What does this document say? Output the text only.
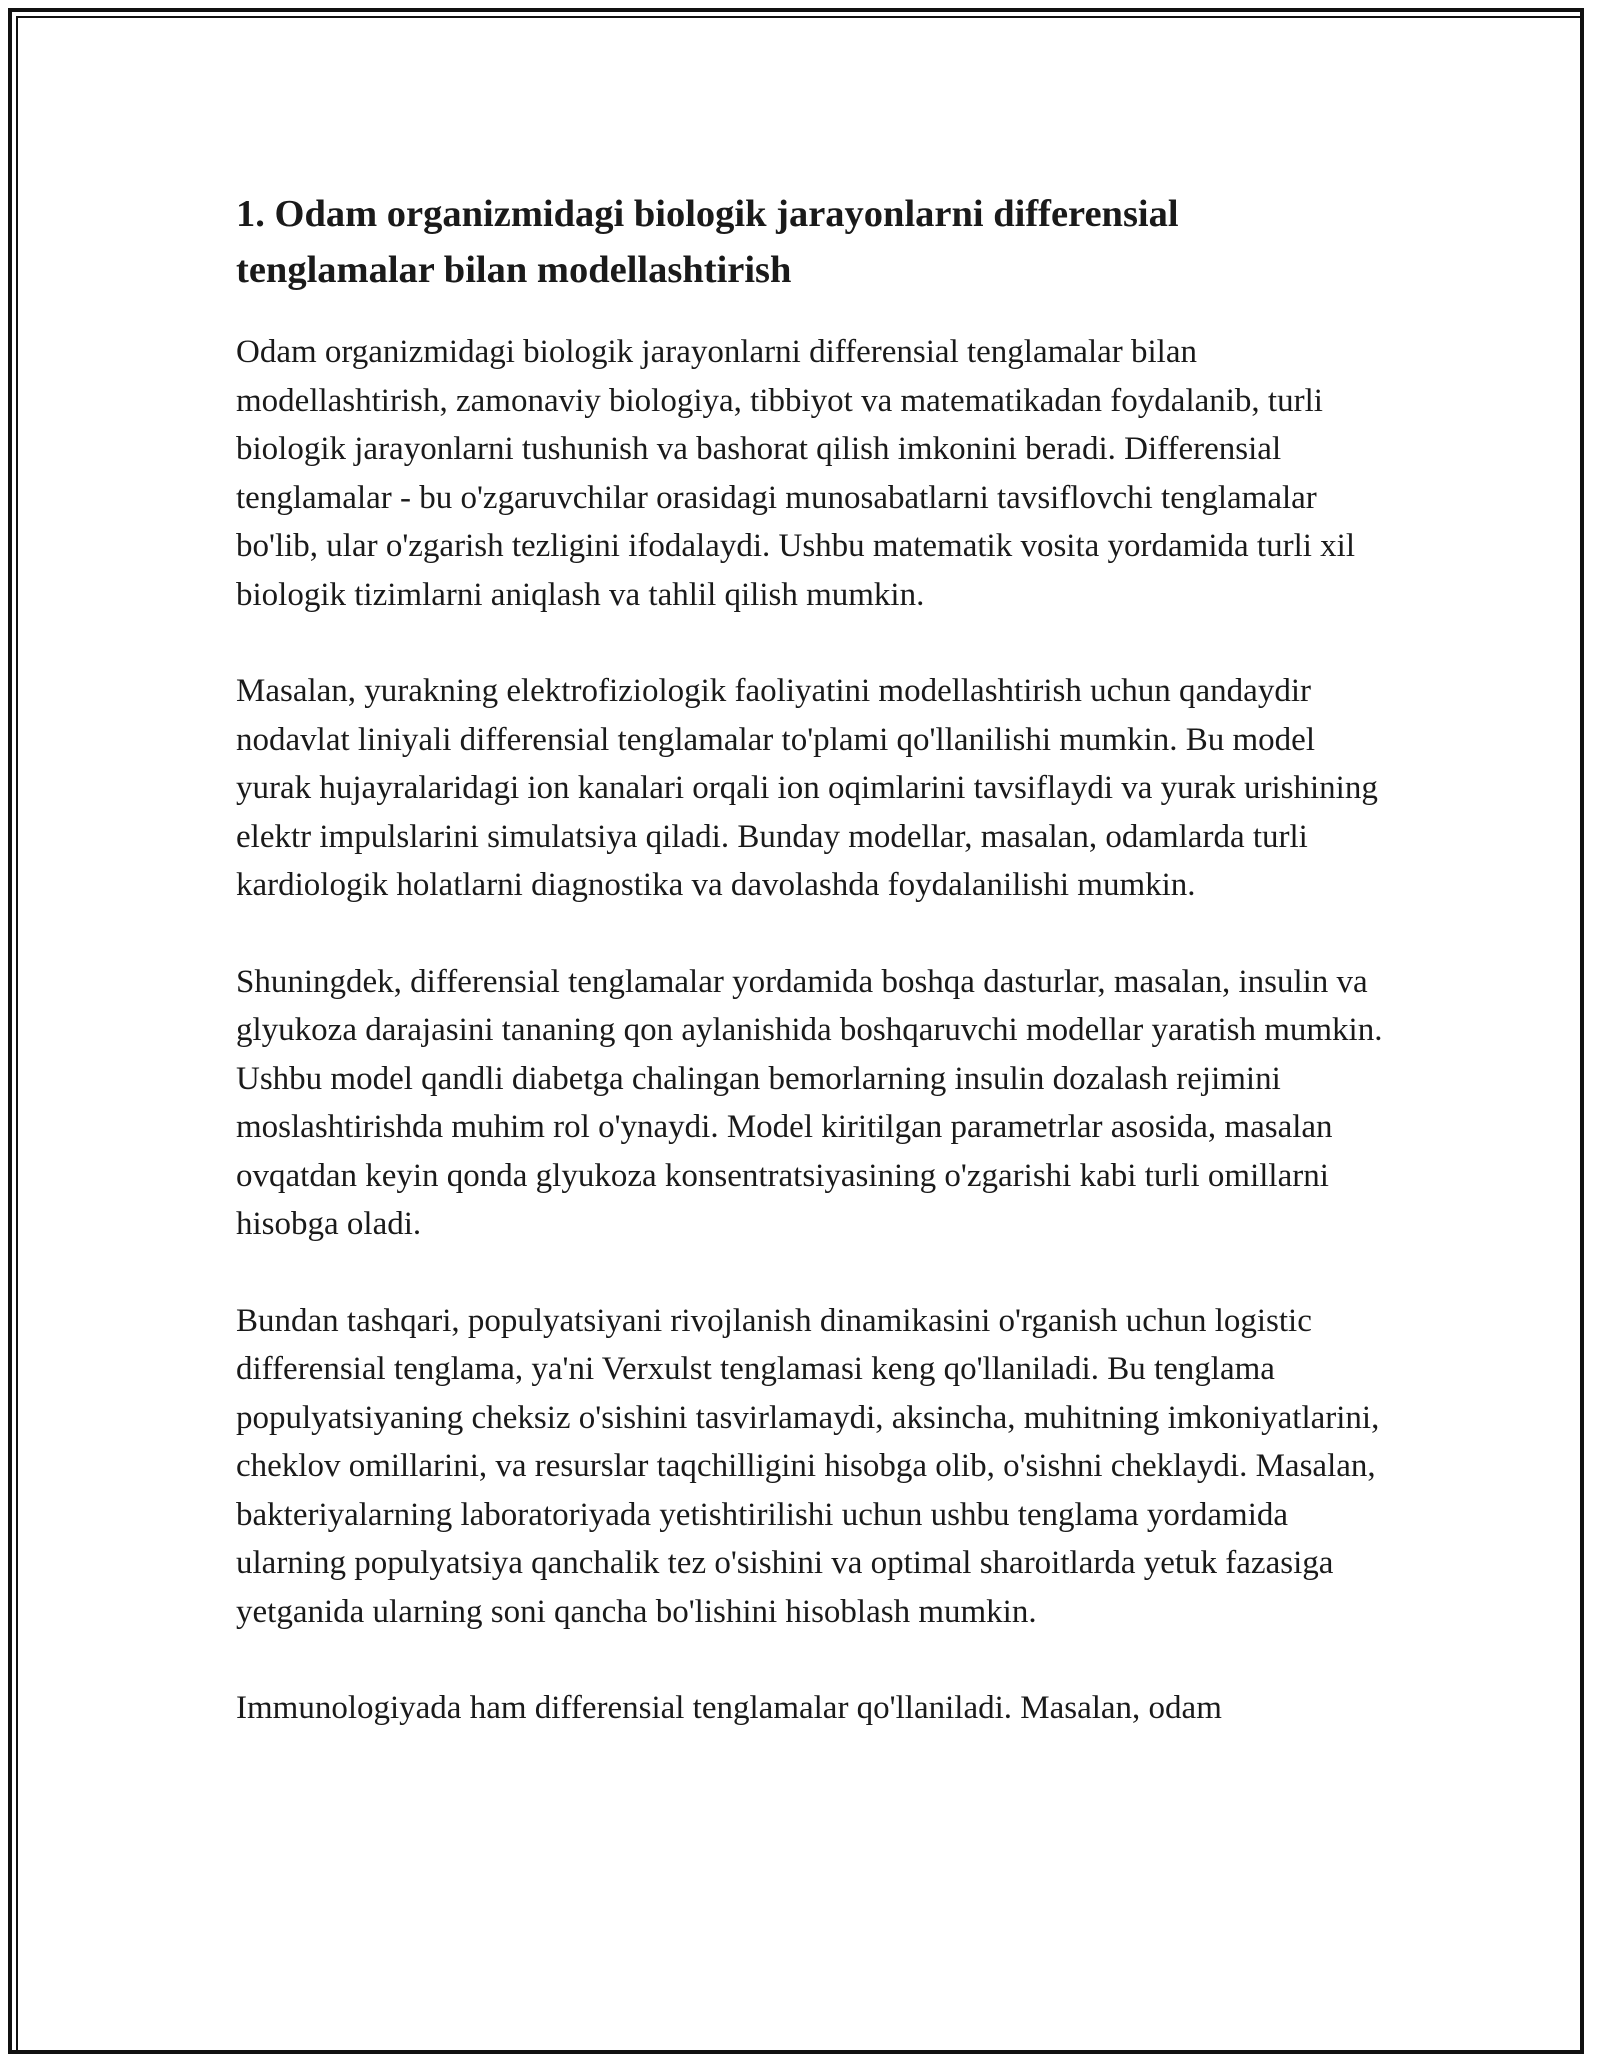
1. Odam organizmidagi biologik jarayonlarni differensial tenglamalar bilan modellashtirish

Odam organizmidagi biologik jarayonlarni differensial tenglamalar bilan modellashtirish, zamonaviy biologiya, tibbiyot va matematikadan foydalanib, turli biologik jarayonlarni tushunish va bashorat qilish imkonini beradi. Differensial tenglamalar - bu o'zgaruvchilar orasidagi munosabatlarni tavsiflovchi tenglamalar bo'lib, ular o'zgarish tezligini ifodalaydi. Ushbu matematik vosita yordamida turli xil biologik tizimlarni aniqlash va tahlil qilish mumkin.

Masalan, yurakning elektrofiziologik faoliyatini modellashtirish uchun qandaydir nodavlat liniyali differensial tenglamalar to'plami qo'llanilishi mumkin. Bu model yurak hujayralaridagi ion kanalari orqali ion oqimlarini tavsiflaydi va yurak urishining elektr impulslarini simulatsiya qiladi. Bunday modellar, masalan, odamlarda turli kardiologik holatlarni diagnostika va davolashda foydalanilishi mumkin.

Shuningdek, differensial tenglamalar yordamida boshqa dasturlar, masalan, insulin va glyukoza darajasini tananing qon aylanishida boshqaruvchi modellar yaratish mumkin. Ushbu model qandli diabetga chalingan bemorlarning insulin dozalash rejimini moslashtirishda muhim rol o'ynaydi. Model kiritilgan parametrlar asosida, masalan ovqatdan keyin qonda glyukoza konsentratsiyasining o'zgarishi kabi turli omillarni hisobga oladi.

Bundan tashqari, populyatsiyani rivojlanish dinamikasini o'rganish uchun logistic differensial tenglama, ya'ni Verxulst tenglamasi keng qo'llaniladi. Bu tenglama populyatsiyaning cheksiz o'sishini tasvirlamaydi, aksincha, muhitning imkoniyatlarini, cheklov omillarini, va resurslar taqchilligini hisobga olib, o'sishni cheklaydi. Masalan, bakteriyalarning laboratoriyada yetishtirilishi uchun ushbu tenglama yordamida ularning populyatsiya qanchalik tez o'sishini va optimal sharoitlarda yetuk fazasiga yetganida ularning soni qancha bo'lishini hisoblash mumkin.

Immunologiyada ham differensial tenglamalar qo'llaniladi. Masalan, odam
